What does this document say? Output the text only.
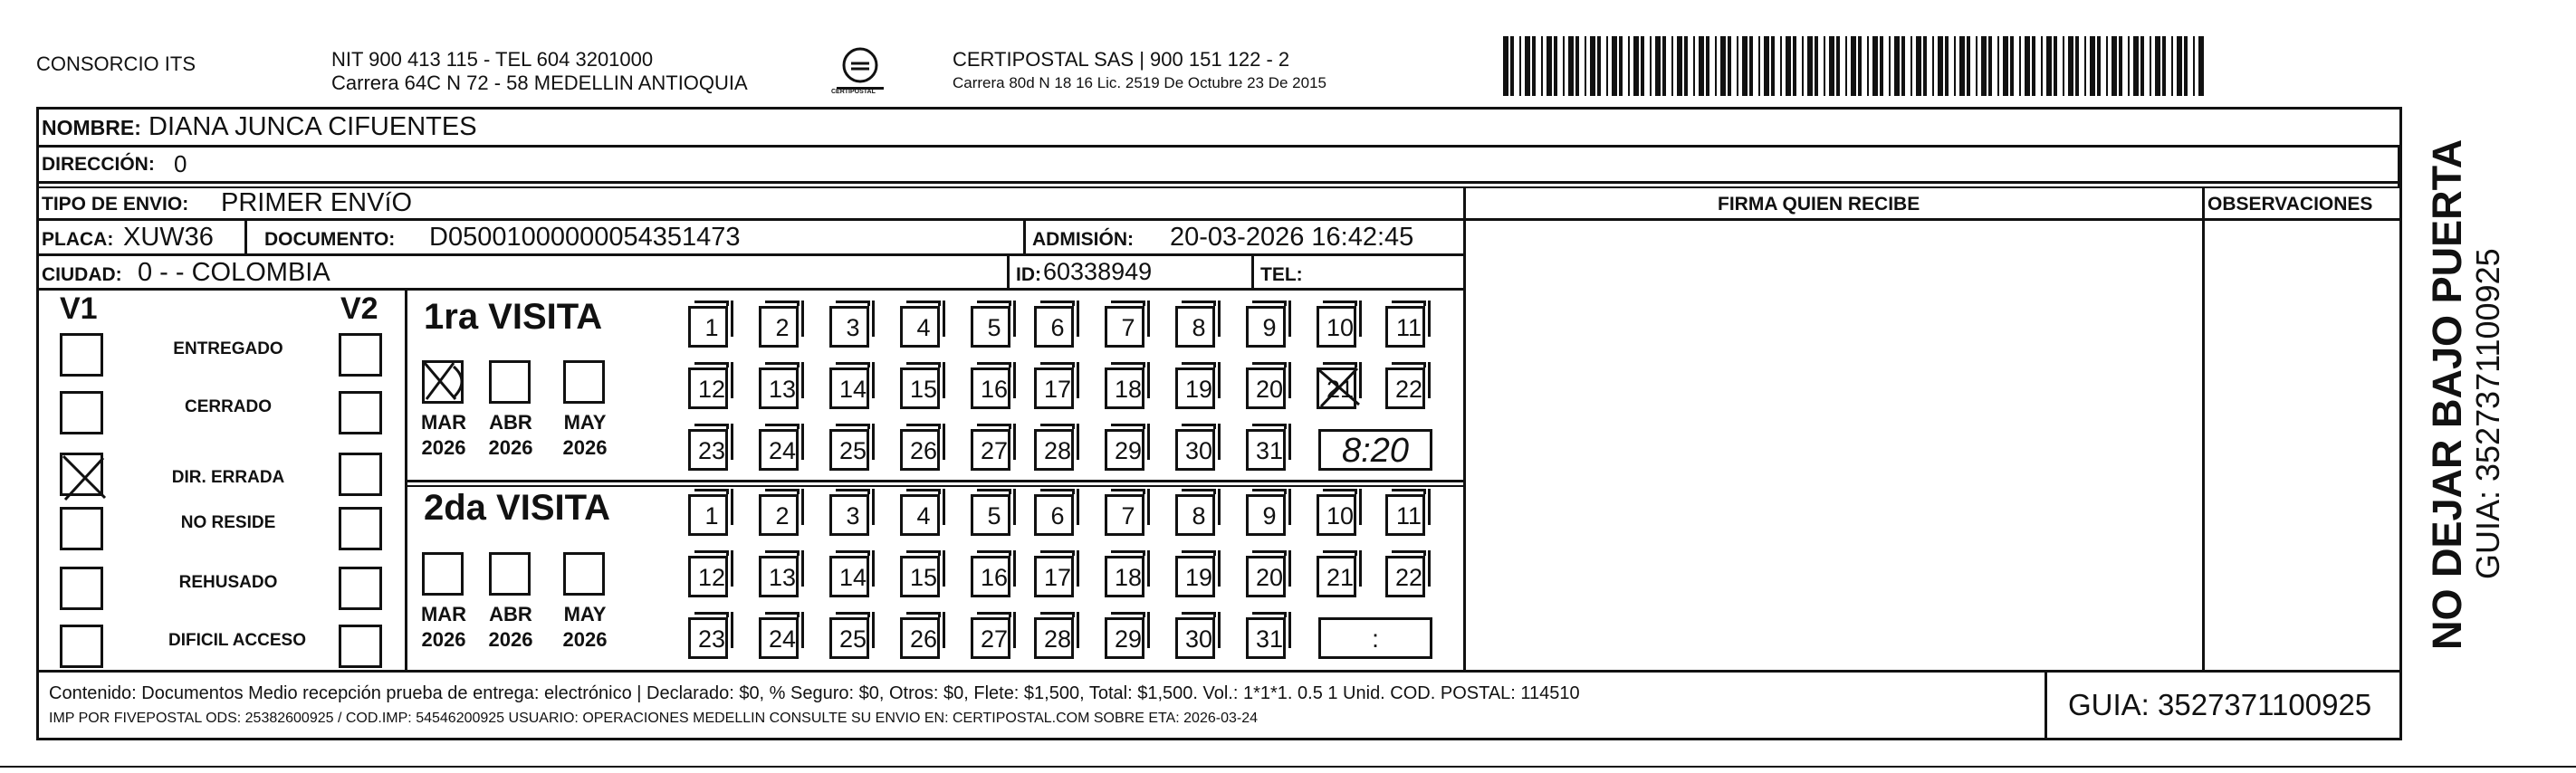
CONSORCIO ITS	NIT 900 413 115 - TEL 604 3201000
Carrera 64C N 72 - 58 MEDELLIN ANTIOQUIA	CERTIPOSTAL
CERTIPOSTAL SAS | 900 151 122 - 2
Carrera 80d N 18 16 Lic. 2519 De Octubre 23 De 2015
NOMBRE: DIANA JUNCA CIFUENTES
DIRECCIÓN: 0
TIPO DE ENVIO: PRIMER ENVíO	FIRMA QUIEN RECIBE	OBSERVACIONES
PLACA: XUW36	DOCUMENTO: D05001000000054351473	ADMISIÓN: 20-03-2026 16:42:45
CIUDAD: 0 - - COLOMBIA	ID: 60338949	TEL:
V1	V2
ENTREGADO
CERRADO
DIR. ERRADA
NO RESIDE
REHUSADO
DIFICIL ACCESO
1ra VISITA
2da VISITA
1	2	3	4	5	6	7	8	9	10 11
12 13 14 15 16 17 18 19 20 21 22
23 24 25 26 27 28 29 30 31	8:20
1	2	3	4	5	6	7	8	9	10 11
12 13 14 15 16 17 18 19 20 21 22
23 24 25 26 27 28 29 30 31	:
MAR
2026
ABR
2026
MAY
2026
MAR
2026
ABR
2026
MAY
2026
Contenido: Documentos Medio recepción prueba de entrega: electrónico | Declarado: $0, % Seguro: $0, Otros: $0, Flete: $1,500, Total: $1,500. Vol.: 1*1*1. 0.5 1 Unid. COD. POSTAL: 114510
IMP POR FIVEPOSTAL ODS: 25382600925 / COD.IMP: 54546200925 USUARIO: OPERACIONES MEDELLIN CONSULTE SU ENVIO EN: CERTIPOSTAL.COM SOBRE ETA: 2026-03-24	GUIA: 3527371100925
NO DEJAR BAJO PUERTA GUIA: 3527371100925
